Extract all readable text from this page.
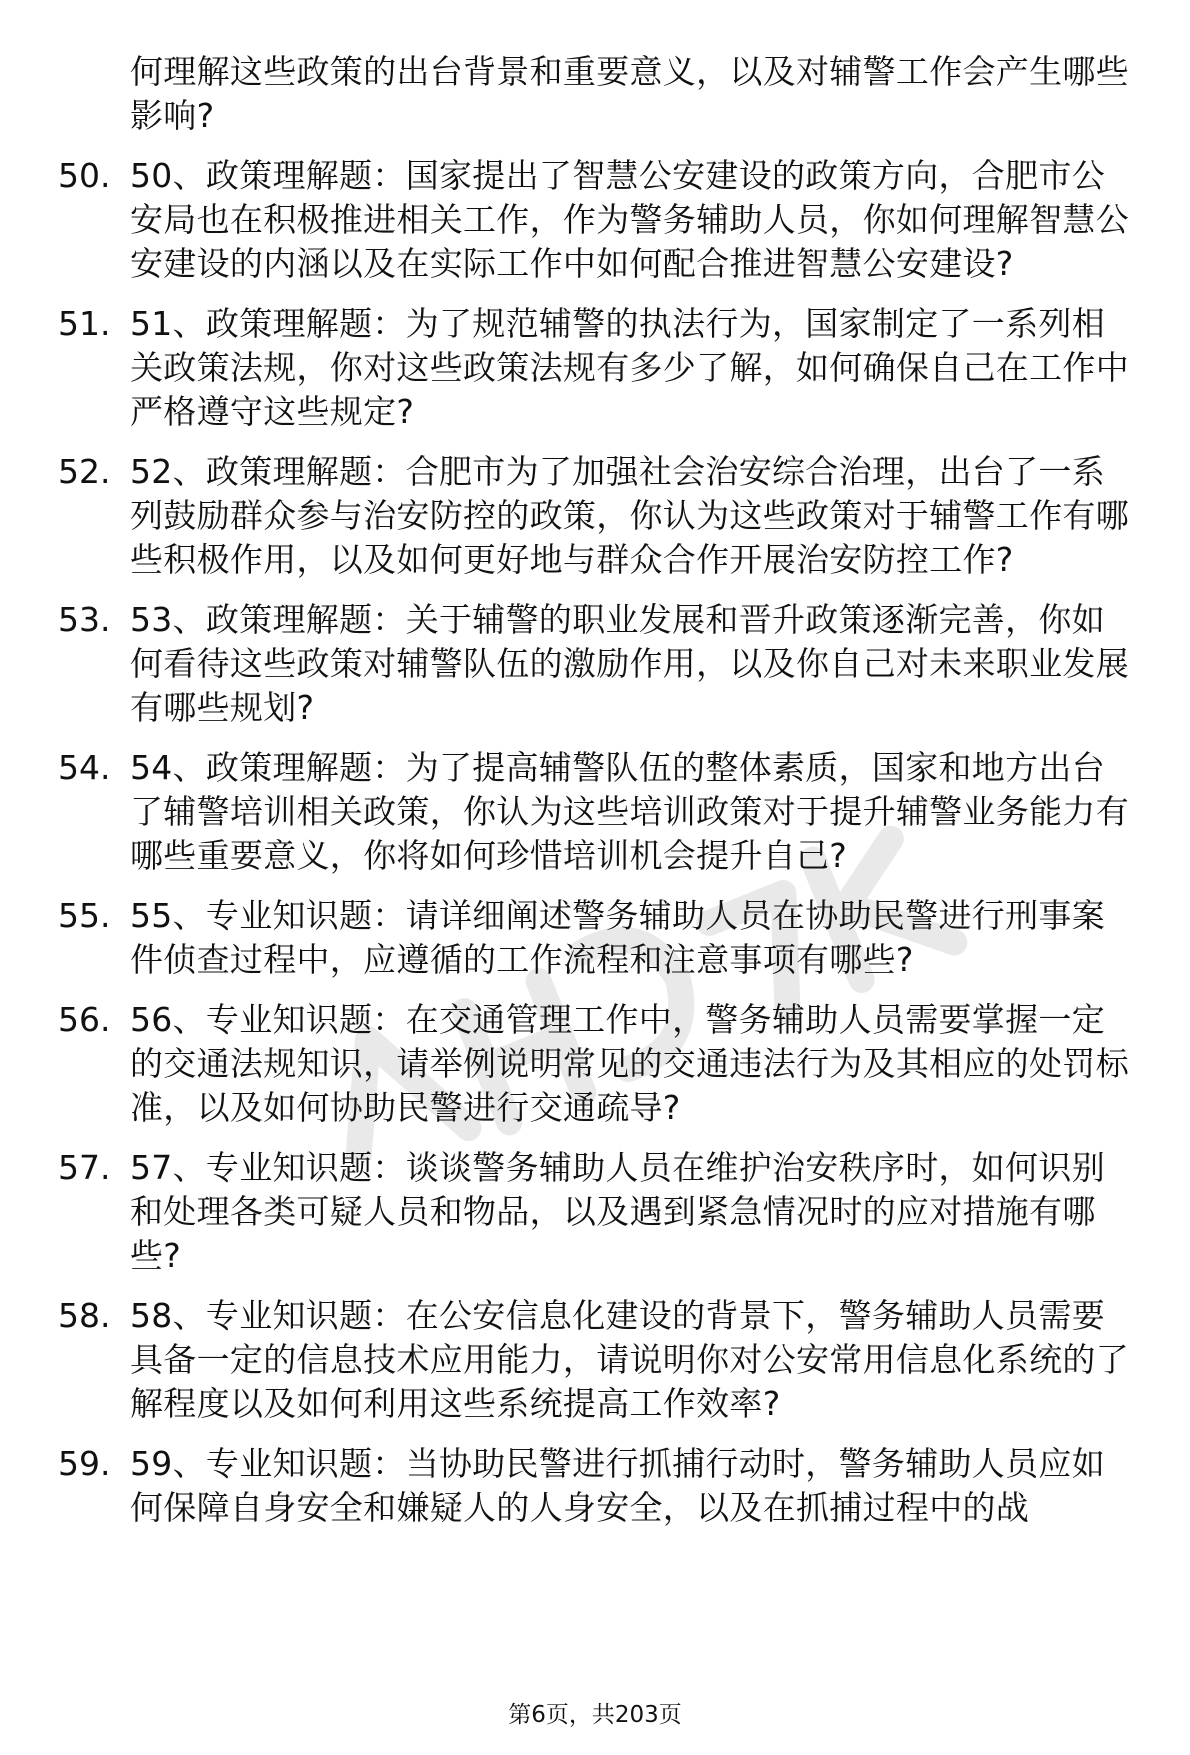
何理解这些政策的出台背景和重要意义，以及对辅警工作会产生哪些影响?
50. 50、政策理解题：国家提出了智慧公安建设的政策方向，合肥市公安局也在积极推进相关工作，作为警务辅助人员，你如何理解智慧公安建设的内涵以及在实际工作中如何配合推进智慧公安建设?
51. 51、政策理解题：为了规范辅警的执法行为，国家制定了一系列相关政策法规，你对这些政策法规有多少了解，如何确保自己在工作中严格遵守这些规定?
52. 52、政策理解题：合肥市为了加强社会治安综合治理，出台了一系列鼓励群众参与治安防控的政策，你认为这些政策对于辅警工作有哪些积极作用，以及如何更好地与群众合作开展治安防控工作?
53. 53、政策理解题：关于辅警的职业发展和晋升政策逐渐完善，你如何看待这些政策对辅警队伍的激励作用，以及你自己对未来职业发展有哪些规划?
54. 54、政策理解题：为了提高辅警队伍的整体素质，国家和地方出台了辅警培训相关政策，你认为这些培训政策对于提升辅警业务能力有哪些重要意义，你将如何珍惜培训机会提升自己?
55. 55、专业知识题：请详细阐述警务辅助人员在协助民警进行刑事案件侦查过程中，应遵循的工作流程和注意事项有哪些?
56. 56、专业知识题：在交通管理工作中，警务辅助人员需要掌握一定的交通法规知识，请举例说明常见的交通违法行为及其相应的处罚标准，以及如何协助民警进行交通疏导?
57. 57、专业知识题：谈谈警务辅助人员在维护治安秩序时，如何识别和处理各类可疑人员和物品，以及遇到紧急情况时的应对措施有哪些?
58. 58、专业知识题：在公安信息化建设的背景下，警务辅助人员需要具备一定的信息技术应用能力，请说明你对公安常用信息化系统的了解程度以及如何利用这些系统提高工作效率?
59. 59、专业知识题：当协助民警进行抓捕行动时，警务辅助人员应如何保障自身安全和嫌疑人的人身安全，以及在抓捕过程中的战
第6页，共203页
